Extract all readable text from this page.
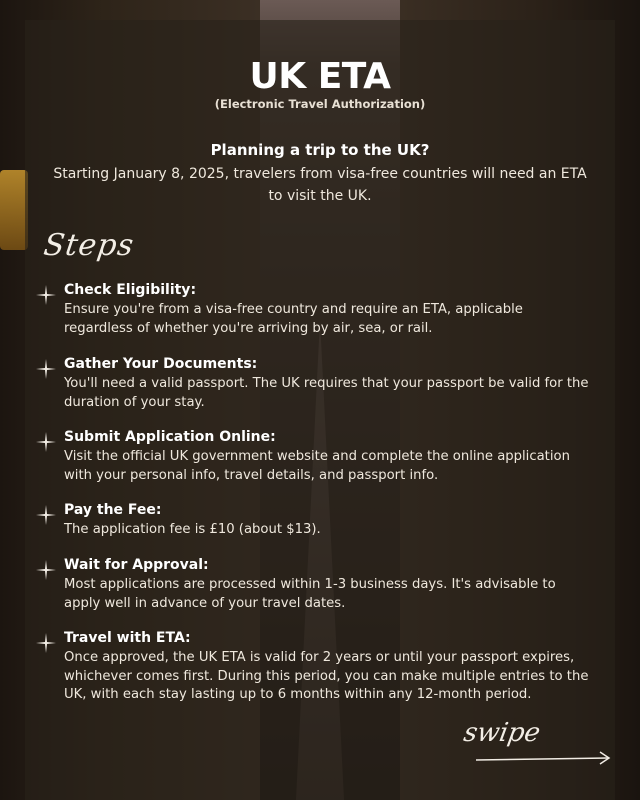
UK ETA
(Electronic Travel Authorization)
Planning a trip to the UK?
Starting January 8, 2025, travelers from visa-free countries will need an ETA to visit the UK.
Steps
Check Eligibility:
Ensure you're from a visa-free country and require an ETA, applicable regardless of whether you're arriving by air, sea, or rail.
Gather Your Documents:
You'll need a valid passport. The UK requires that your passport be valid for the duration of your stay.
Submit Application Online:
Visit the official UK government website and complete the online application with your personal info, travel details, and passport info.
Pay the Fee:
The application fee is £10 (about $13).
Wait for Approval:
Most applications are processed within 1-3 business days. It's advisable to apply well in advance of your travel dates.
Travel with ETA:
Once approved, the UK ETA is valid for 2 years or until your passport expires, whichever comes first. During this period, you can make multiple entries to the UK, with each stay lasting up to 6 months within any 12-month period.
swipe
